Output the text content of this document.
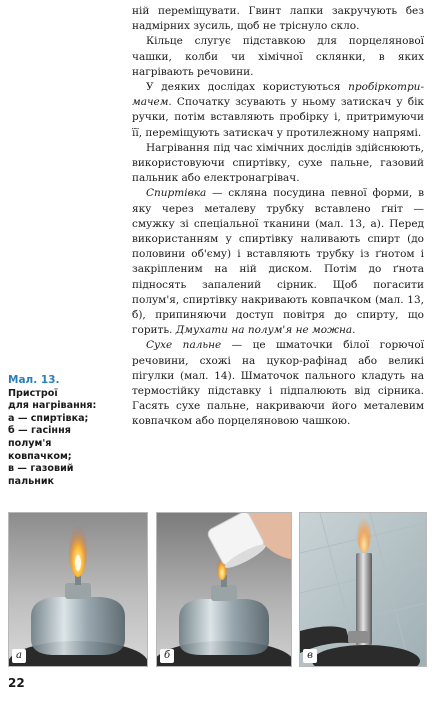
ній переміщувати. Гвинт лапки закручують без надмірних зусиль, щоб не тріснуло скло.

Кільце слугує підставкою для порцелянової чашки, колби чи хімічної склянки, в яких нагрівають речовини.

У деяких дослідах користуються пробіркотримачем. Спочатку зсувають у ньому затискач у бік ручки, потім вставляють пробірку і, притримуючи її, переміщують затискач у протилежному напрямі.

Нагрівання під час хімічних дослідів здійснюють, використовуючи спиртівку, сухе пальне, газовий пальник або електронагрівач.

Спиртівка — скляна посудина певної форми, в яку через металеву трубку вставлено ґніт — смужку зі спеціальної тканини (мал. 13, а). Перед використанням у спиртівку наливають спирт (до половини об'єму) і вставляють трубку із ґнотом і закріпленим на ній диском. Потім до ґнота підносять запалений сірник. Щоб погасити полум'я, спиртівку накривають ковпачком (мал. 13, б), припиняючи доступ повітря до спирту, що горить. Дмухати на полум'я не можна.

Сухе пальне — це шматочки білої горючої речовини, схожі на цукор-рафінад або великі пігулки (мал. 14). Шматочок пального кладуть на термостійку підставку і підпалюють від сірника. Гасять сухе пальне, накриваючи його металевим ковпачком або порцеляновою чашкою.

Мал. 13.
Пристрої
для нагрівання:
а — спиртівка;
б — гасіння
полум'я
ковпачком;
в — газовий
пальник
а	б	в
22
